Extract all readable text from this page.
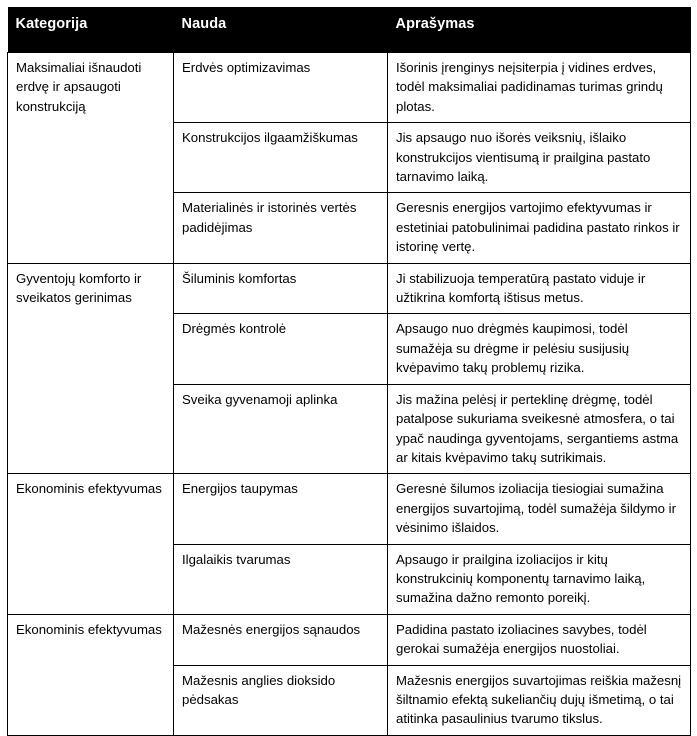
Kategorija	Nauda	Aprašymas

Maksimaliai išnaudoti erdvę ir apsaugoti konstrukciją	Erdvės optimizavimas	Išorinis įrenginys neįsiterpia į vidines erdves, todėl maksimaliai padidinamas turimas grindų plotas.

	Konstrukcijos ilgaamžiškumas	Jis apsaugo nuo išorės veiksnių, išlaiko konstrukcijos vientisumą ir prailgina pastato tarnavimo laiką.

	Materialinės ir istorinės vertės padidėjimas	Geresnis energijos vartojimo efektyvumas ir estetiniai patobulinimai padidina pastato rinkos ir istorinę vertę.

Gyventojų komforto ir sveikatos gerinimas	Šiluminis komfortas	Ji stabilizuoja temperatūrą pastato viduje ir užtikrina komfortą ištisus metus.

	Drėgmės kontrolė	Apsaugo nuo drėgmės kaupimosi, todėl sumažėja su drėgme ir pelėsiu susijusių kvėpavimo takų problemų rizika.

	Sveika gyvenamoji aplinka	Jis mažina pelėsį ir perteklinę drėgmę, todėl patalpose sukuriama sveikesnė atmosfera, o tai ypač naudinga gyventojams, sergantiems astma ar kitais kvėpavimo takų sutrikimais.

Ekonominis efektyvumas	Energijos taupymas	Geresnė šilumos izoliacija tiesiogiai sumažina energijos suvartojimą, todėl sumažėja šildymo ir vėsinimo išlaidos.

	Ilgalaikis tvarumas	Apsaugo ir prailgina izoliacijos ir kitų konstrukcinių komponentų tarnavimo laiką, sumažina dažno remonto poreikį.

Ekonominis efektyvumas	Mažesnės energijos sąnaudos	Padidina pastato izoliacines savybes, todėl gerokai sumažėja energijos nuostoliai.

	Mažesnis anglies dioksido pėdsakas	Mažesnis energijos suvartojimas reiškia mažesnį šiltnamio efektą sukeliančių dujų išmetimą, o tai atitinka pasaulinius tvarumo tikslus.
